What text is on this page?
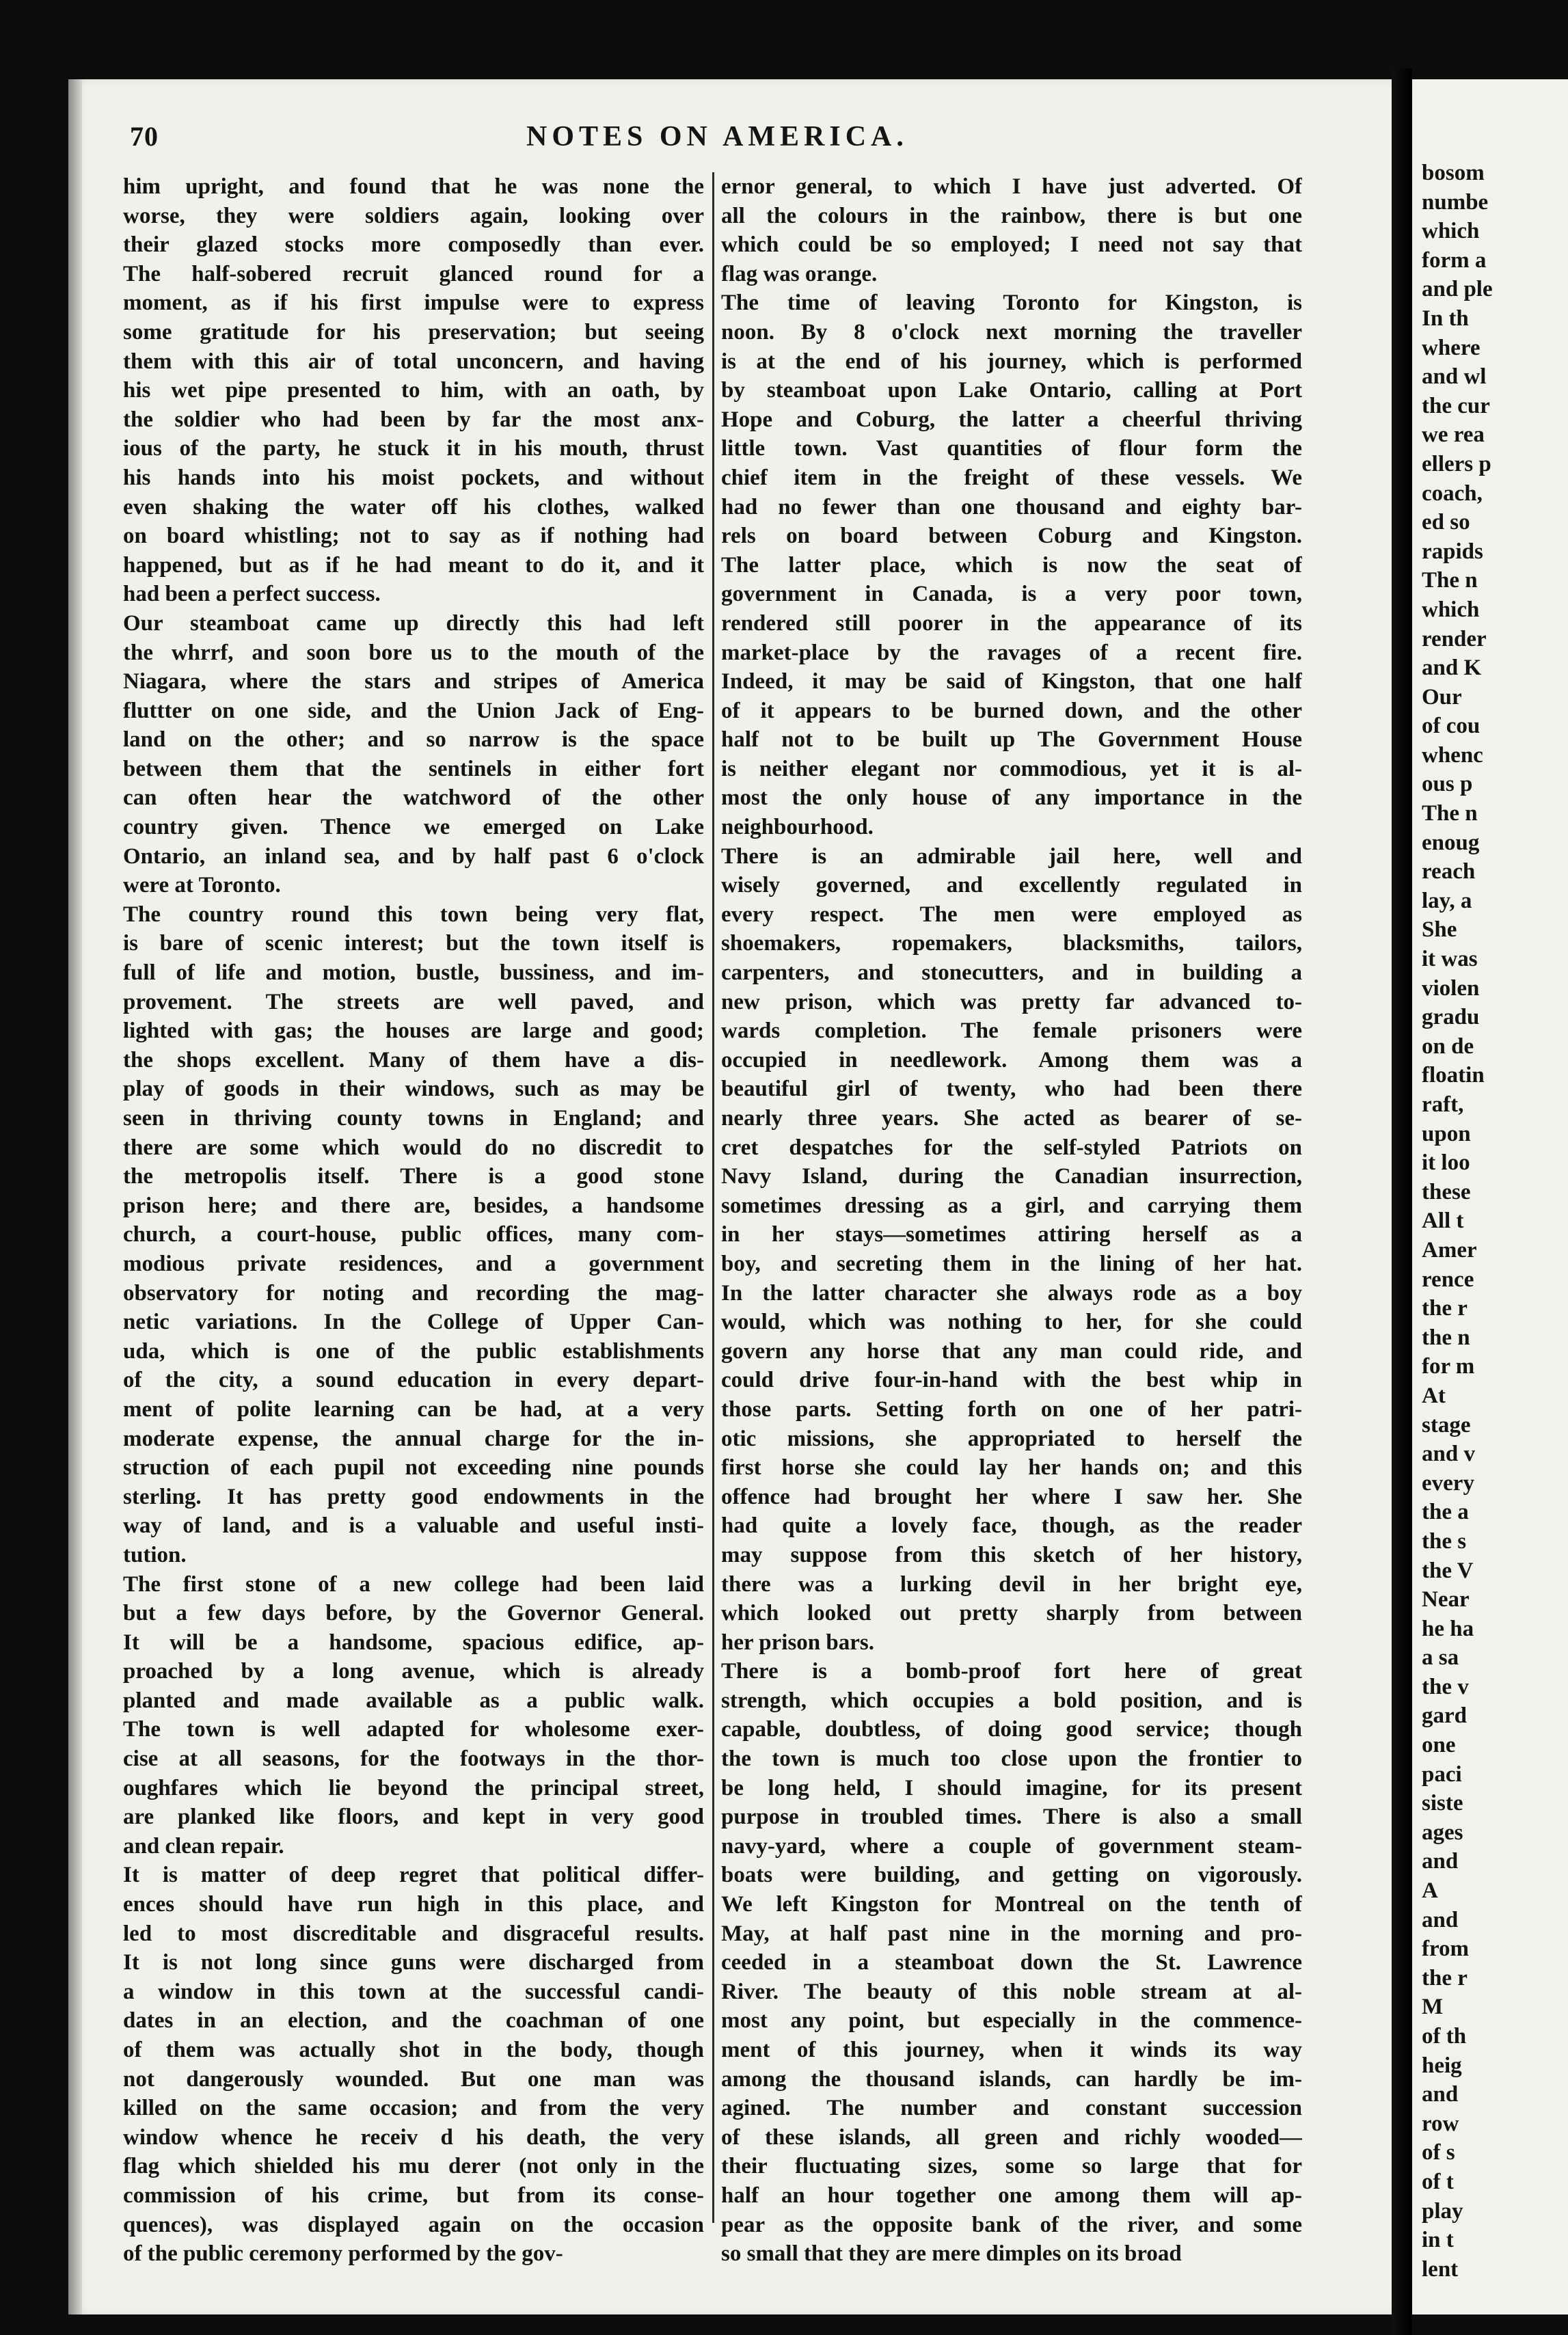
70	NOTES ON AMERICA.
him upright, and found that he was none the
worse, they were soldiers again, looking over
their glazed stocks more composedly than ever.
The half-sobered recruit glanced round for a
moment, as if his first impulse were to express
some gratitude for his preservation; but seeing
them with this air of total unconcern, and having
his wet pipe presented to him, with an oath, by
the soldier who had been by far the most anx-
ious of the party, he stuck it in his mouth, thrust
his hands into his moist pockets, and without
even shaking the water off his clothes, walked
on board whistling; not to say as if nothing had
happened, but as if he had meant to do it, and it
had been a perfect success.
Our steamboat came up directly this had left
the whrrf, and soon bore us to the mouth of the
Niagara, where the stars and stripes of America
fluttter on one side, and the Union Jack of Eng-
land on the other; and so narrow is the space
between them that the sentinels in either fort
can often hear the watchword of the other
country given. Thence we emerged on Lake
Ontario, an inland sea, and by half past 6 o'clock
were at Toronto.
The country round this town being very flat,
is bare of scenic interest; but the town itself is
full of life and motion, bustle, bussiness, and im-
provement. The streets are well paved, and
lighted with gas; the houses are large and good;
the shops excellent. Many of them have a dis-
play of goods in their windows, such as may be
seen in thriving county towns in England; and
there are some which would do no discredit to
the metropolis itself. There is a good stone
prison here; and there are, besides, a handsome
church, a court-house, public offices, many com-
modious private residences, and a government
observatory for noting and recording the mag-
netic variations. In the College of Upper Can-
uda, which is one of the public establishments
of the city, a sound education in every depart-
ment of polite learning can be had, at a very
moderate expense, the annual charge for the in-
struction of each pupil not exceeding nine pounds
sterling. It has pretty good endowments in the
way of land, and is a valuable and useful insti-
tution.
The first stone of a new college had been laid
but a few days before, by the Governor General.
It will be a handsome, spacious edifice, ap-
proached by a long avenue, which is already
planted and made available as a public walk.
The town is well adapted for wholesome exer-
cise at all seasons, for the footways in the thor-
oughfares which lie beyond the principal street,
are planked like floors, and kept in very good
and clean repair.
It is matter of deep regret that political differ-
ences should have run high in this place, and
led to most discreditable and disgraceful results.
It is not long since guns were discharged from
a window in this town at the successful candi-
dates in an election, and the coachman of one
of them was actually shot in the body, though
not dangerously wounded. But one man was
killed on the same occasion; and from the very
window whence he receiv d his death, the very
flag which shielded his mu derer (not only in the
commission of his crime, but from its conse-
quences), was displayed again on the occasion
of the public ceremony performed by the gov-
ernor general, to which I have just adverted. Of
all the colours in the rainbow, there is but one
which could be so employed; I need not say that
flag was orange.
The time of leaving Toronto for Kingston, is
noon. By 8 o'clock next morning the traveller
is at the end of his journey, which is performed
by steamboat upon Lake Ontario, calling at Port
Hope and Coburg, the latter a cheerful thriving
little town. Vast quantities of flour form the
chief item in the freight of these vessels. We
had no fewer than one thousand and eighty bar-
rels on board between Coburg and Kingston.
The latter place, which is now the seat of
government in Canada, is a very poor town,
rendered still poorer in the appearance of its
market-place by the ravages of a recent fire.
Indeed, it may be said of Kingston, that one half
of it appears to be burned down, and the other
half not to be built up The Government House
is neither elegant nor commodious, yet it is al-
most the only house of any importance in the
neighbourhood.
There is an admirable jail here, well and
wisely governed, and excellently regulated in
every respect. The men were employed as
shoemakers, ropemakers, blacksmiths, tailors,
carpenters, and stonecutters, and in building a
new prison, which was pretty far advanced to-
wards completion. The female prisoners were
occupied in needlework. Among them was a
beautiful girl of twenty, who had been there
nearly three years. She acted as bearer of se-
cret despatches for the self-styled Patriots on
Navy Island, during the Canadian insurrection,
sometimes dressing as a girl, and carrying them
in her stays—sometimes attiring herself as a
boy, and secreting them in the lining of her hat.
In the latter character she always rode as a boy
would, which was nothing to her, for she could
govern any horse that any man could ride, and
could drive four-in-hand with the best whip in
those parts. Setting forth on one of her patri-
otic missions, she appropriated to herself the
first horse she could lay her hands on; and this
offence had brought her where I saw her. She
had quite a lovely face, though, as the reader
may suppose from this sketch of her history,
there was a lurking devil in her bright eye,
which looked out pretty sharply from between
her prison bars.
There is a bomb-proof fort here of great
strength, which occupies a bold position, and is
capable, doubtless, of doing good service; though
the town is much too close upon the frontier to
be long held, I should imagine, for its present
purpose in troubled times. There is also a small
navy-yard, where a couple of government steam-
boats were building, and getting on vigorously.
We left Kingston for Montreal on the tenth of
May, at half past nine in the morning and pro-
ceeded in a steamboat down the St. Lawrence
River. The beauty of this noble stream at al-
most any point, but especially in the commence-
ment of this journey, when it winds its way
among the thousand islands, can hardly be im-
agined. The number and constant succession
of these islands, all green and richly wooded—
their fluctuating sizes, some so large that for
half an hour together one among them will ap-
pear as the opposite bank of the river, and some
so small that they are mere dimples on its broad
bosom
numbe
which
form a
and ple
In th
where
and wl
the cur
we rea
ellers p
coach,
ed so
rapids
The n
which
render
and K
Our
of cou
whenc
ous p
The n
enoug
reach
lay, a
She
it was
violen
gradu
on de
floatin
raft,
upon
it loo
these
All t
Amer
rence
the r
the n
for m
At
stage
and v
every
the a
the s
the V
Near
he ha
a sa
the v
gard
one
paci
siste
ages
and
A
and
from
the r
M
of th
heig
and
row
of s
of t
play
in t
lent
